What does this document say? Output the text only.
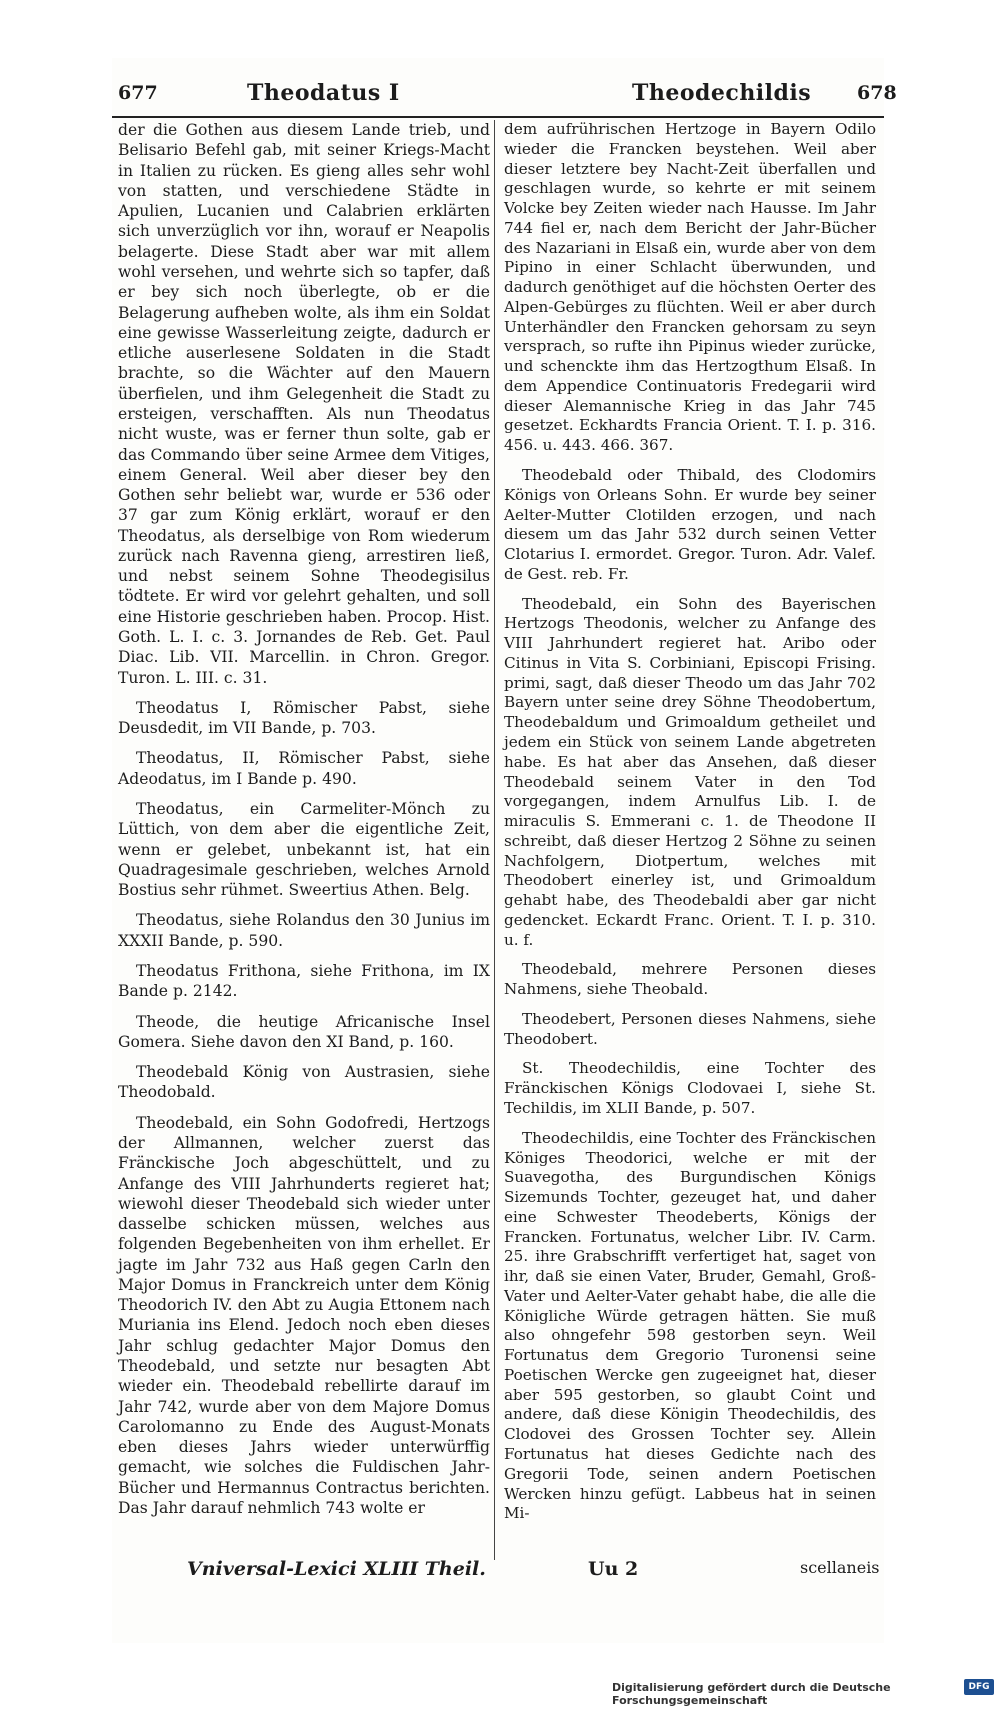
677	Theodatus I	Theodechildis 678

der die Gothen aus diesem Lande trieb, und Belisario Befehl gab, mit seiner Kriegs-Macht in Italien zu rücken. Es gieng alles sehr wohl von statten, und verschiedene Städte in Apulien, Lucanien und Calabrien erklärten sich unverzüglich vor ihn, worauf er Neapolis belagerte. Diese Stadt aber war mit allem wohl versehen, und wehrte sich so tapfer, daß er bey sich noch überlegte, ob er die Belagerung aufheben wolte, als ihm ein Soldat eine gewisse Wasserleitung zeigte, dadurch er etliche auserlesene Soldaten in die Stadt brachte, so die Wächter auf den Mauern überfielen, und ihm Gelegenheit die Stadt zu ersteigen, verschafften. Als nun Theodatus nicht wuste, was er ferner thun solte, gab er das Commando über seine Armee dem Vitiges, einem General. Weil aber dieser bey den Gothen sehr beliebt war, wurde er 536 oder 37 gar zum König erklärt, worauf er den Theodatus, als derselbige von Rom wiederum zurück nach Ravenna gieng, arrestiren ließ, und nebst seinem Sohne Theodegisilus tödtete. Er wird vor gelehrt gehalten, und soll eine Historie geschrieben haben. Procop. Hist. Goth. L. I. c. 3. Jornandes de Reb. Get. Paul Diac. Lib. VII. Marcellin. in Chron. Gregor. Turon. L. III. c. 31.

Theodatus I, Römischer Pabst, siehe Deusdedit, im VII Bande, p. 703.

Theodatus, II, Römischer Pabst, siehe Adeodatus, im I Bande p. 490.

Theodatus, ein Carmeliter-Mönch zu Lüttich, von dem aber die eigentliche Zeit, wenn er gelebet, unbekannt ist, hat ein Quadragesimale geschrieben, welches Arnold Bostius sehr rühmet. Sweertius Athen. Belg.

Theodatus, siehe Rolandus den 30 Junius im XXXII Bande, p. 590.

Theodatus Frithona, siehe Frithona, im IX Bande p. 2142.

Theode, die heutige Africanische Insel Gomera. Siehe davon den XI Band, p. 160.

Theodebald König von Austrasien, siehe Theodobald.

Theodebald, ein Sohn Godofredi, Hertzogs der Allmannen, welcher zuerst das Fränckische Joch abgeschüttelt, und zu Anfange des VIII Jahrhunderts regieret hat; wiewohl dieser Theodebald sich wieder unter dasselbe schicken müssen, welches aus folgenden Begebenheiten von ihm erhellet. Er jagte im Jahr 732 aus Haß gegen Carln den Major Domus in Franckreich unter dem König Theodorich IV. den Abt zu Augia Ettonem nach Muriania ins Elend. Jedoch noch eben dieses Jahr schlug gedachter Major Domus den Theodebald, und setzte nur besagten Abt wieder ein. Theodebald rebellirte darauf im Jahr 742, wurde aber von dem Majore Domus Carolomanno zu Ende des August-Monats eben dieses Jahrs wieder unterwürffig gemacht, wie solches die Fuldischen Jahr-Bücher und Hermannus Contractus berichten. Das Jahr darauf nehmlich 743 wolte er

dem aufrührischen Hertzoge in Bayern Odilo wieder die Francken beystehen. Weil aber dieser letztere bey Nacht-Zeit überfallen und geschlagen wurde, so kehrte er mit seinem Volcke bey Zeiten wieder nach Hausse. Im Jahr 744 fiel er, nach dem Bericht der Jahr-Bücher des Nazariani in Elsaß ein, wurde aber von dem Pipino in einer Schlacht überwunden, und dadurch genöthiget auf die höchsten Oerter des Alpen-Gebürges zu flüchten. Weil er aber durch Unterhändler den Francken gehorsam zu seyn versprach, so rufte ihn Pipinus wieder zurücke, und schenckte ihm das Hertzogthum Elsaß. In dem Appendice Continuatoris Fredegarii wird dieser Alemannische Krieg in das Jahr 745 gesetzet. Eckhardts Francia Orient. T. I. p. 316. 456. u. 443. 466. 367.

Theodebald oder Thibald, des Clodomirs Königs von Orleans Sohn. Er wurde bey seiner Aelter-Mutter Clotilden erzogen, und nach diesem um das Jahr 532 durch seinen Vetter Clotarius I. ermordet. Gregor. Turon. Adr. Valef. de Gest. reb. Fr.

Theodebald, ein Sohn des Bayerischen Hertzogs Theodonis, welcher zu Anfange des VIII Jahrhundert regieret hat. Aribo oder Citinus in Vita S. Corbiniani, Episcopi Frising. primi, sagt, daß dieser Theodo um das Jahr 702 Bayern unter seine drey Söhne Theodobertum, Theodebaldum und Grimoaldum getheilet und jedem ein Stück von seinem Lande abgetreten habe. Es hat aber das Ansehen, daß dieser Theodebald seinem Vater in den Tod vorgegangen, indem Arnulfus Lib. I. de miraculis S. Emmerani c. 1. de Theodone II schreibt, daß dieser Hertzog 2 Söhne zu seinen Nachfolgern, Diotpertum, welches mit Theodobert einerley ist, und Grimoaldum gehabt habe, des Theodebaldi aber gar nicht gedencket. Eckardt Franc. Orient. T. I. p. 310. u. f.

Theodebald, mehrere Personen dieses Nahmens, siehe Theobald.

Theodebert, Personen dieses Nahmens, siehe Theodobert.

St. Theodechildis, eine Tochter des Fränckischen Königs Clodovaei I, siehe St. Techildis, im XLII Bande, p. 507.

Theodechildis, eine Tochter des Fränckischen Königes Theodorici, welche er mit der Suavegotha, des Burgundischen Königs Sizemunds Tochter, gezeuget hat, und daher eine Schwester Theodeberts, Königs der Francken. Fortunatus, welcher Libr. IV. Carm. 25. ihre Grabschrifft verfertiget hat, saget von ihr, daß sie einen Vater, Bruder, Gemahl, Groß-Vater und Aelter-Vater gehabt habe, die alle die Königliche Würde getragen hätten. Sie muß also ohngefehr 598 gestorben seyn. Weil Fortunatus dem Gregorio Turonensi seine Poetischen Wercke gen zugeeignet hat, dieser aber 595 gestorben, so glaubt Coint und andere, daß diese Königin Theodechildis, des Clodovei des Grossen Tochter sey. Allein Fortunatus hat dieses Gedichte nach des Gregorii Tode, seinen andern Poetischen Wercken hinzu gefügt. Labbeus hat in seinen Mi-

Vniversal-Lexici XLIII Theil.	Uu 2	scellaneis
Digitalisierung gefördert durch die Deutsche Forschungsgemeinschaft
DFG
